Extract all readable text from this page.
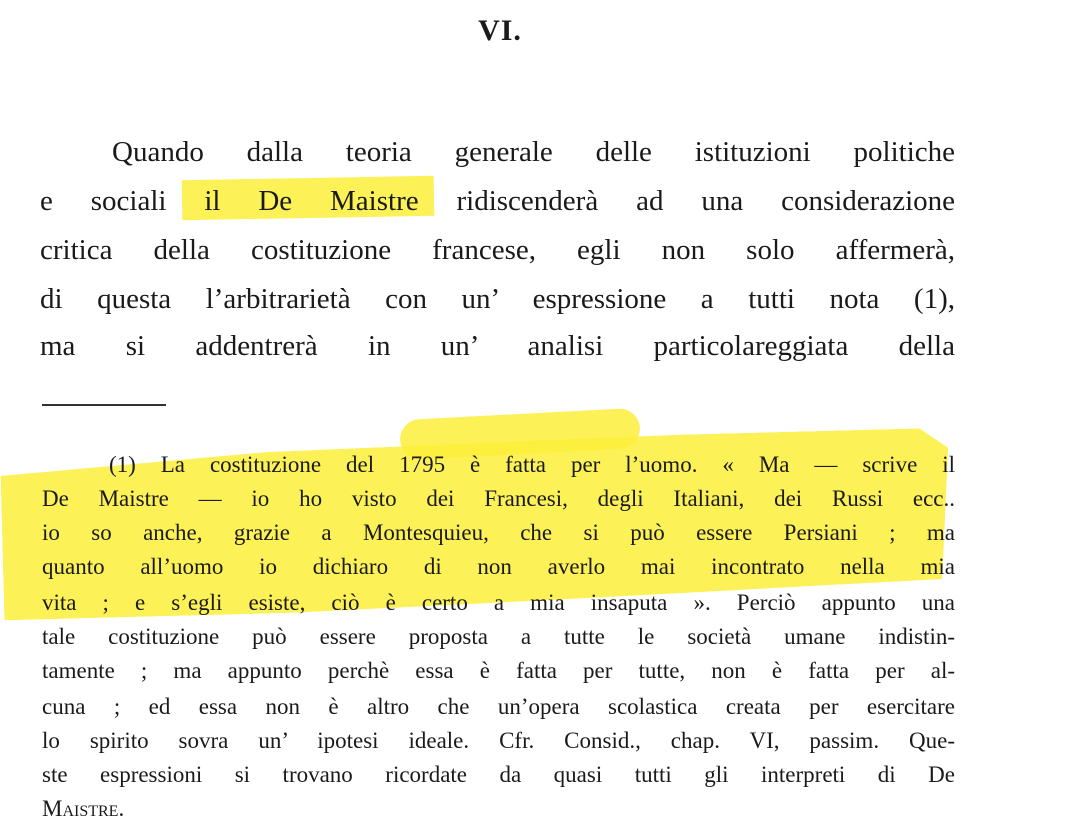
VI.
Quando dalla teoria generale delle istituzioni politiche
e sociali il De Maistre ridiscenderà ad una considerazione
critica della costituzione francese, egli non solo affermerà,
di questa l’arbitrarietà con un’ espressione a tutti nota (1),
ma si addentrerà in un’ analisi particolareggiata della
(1) La costituzione del 1795 è fatta per l’uomo. « Ma — scrive il
De Maistre — io ho visto dei Francesi, degli Italiani, dei Russi ecc..
io so anche, grazie a Montesquieu, che si può essere Persiani ; ma
quanto all’uomo io dichiaro di non averlo mai incontrato nella mia
vita ; e s’egli esiste, ciò è certo a mia insaputa ». Perciò appunto una
tale costituzione può essere proposta a tutte le società umane indistin-
tamente ; ma appunto perchè essa è fatta per tutte, non è fatta per al-
cuna ; ed essa non è altro che un’opera scolastica creata per esercitare
lo spirito sovra un’ ipotesi ideale. Cfr. Consid., chap. VI, passim. Que-
ste espressioni si trovano ricordate da quasi tutti gli interpreti di De
Maistre.
